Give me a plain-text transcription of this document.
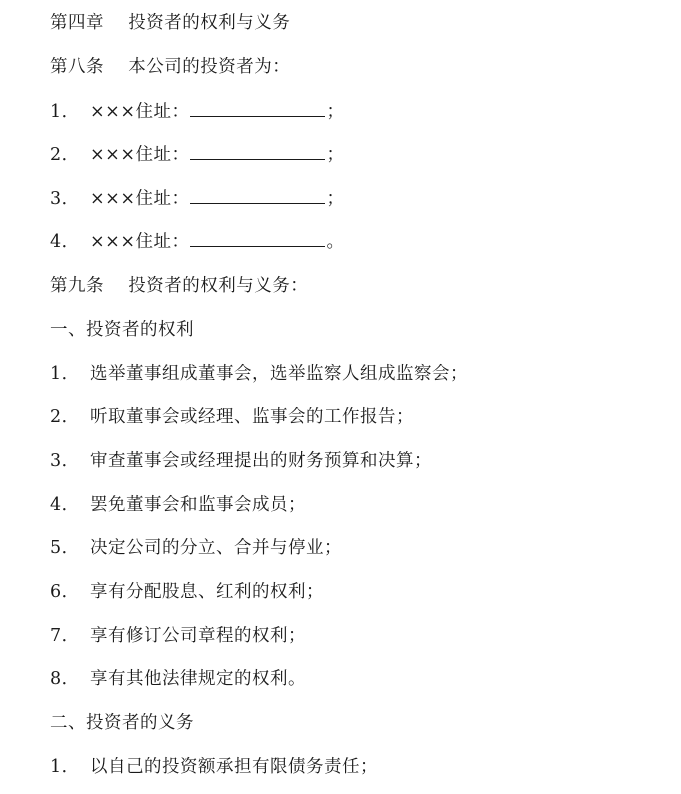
第四章 投资者的权利与义务
第八条 本公司的投资者为：
1． ×××住址：	；
2． ×××住址：	；
3． ×××住址：	；
4． ×××住址：	。
第九条 投资者的权利与义务：
一、投资者的权利
1． 选举董事组成董事会，选举监察人组成监察会；
2． 听取董事会或经理、监事会的工作报告；
3． 审查董事会或经理提出的财务预算和决算；
4． 罢免董事会和监事会成员；
5． 决定公司的分立、合并与停业；
6． 享有分配股息、红利的权利；
7． 享有修订公司章程的权利；
8． 享有其他法律规定的权利。
二、投资者的义务
1． 以自己的投资额承担有限债务责任；
